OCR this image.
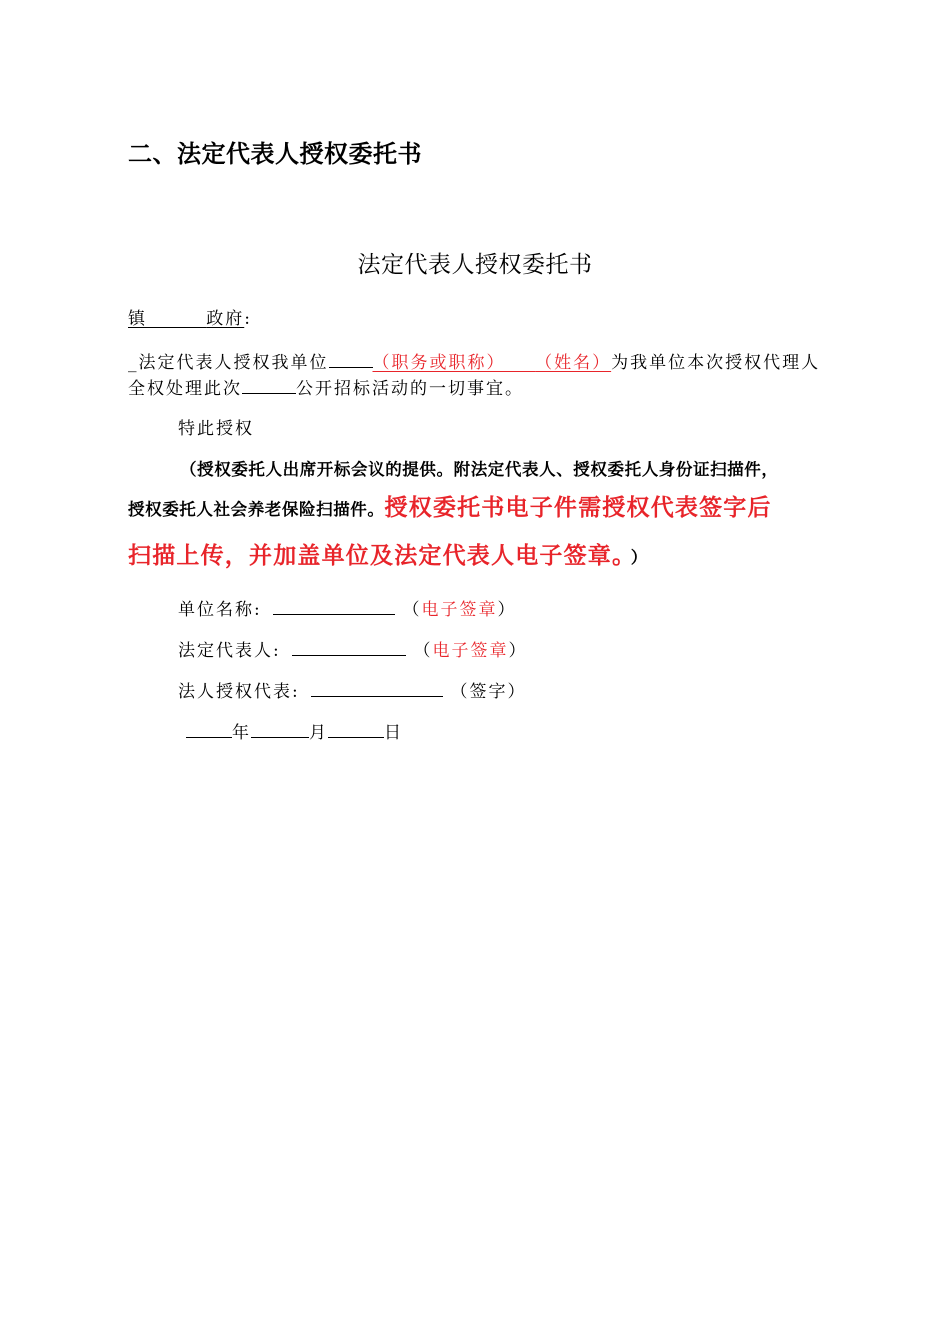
二、法定代表人授权委托书
法定代表人授权委托书
镇	政府:
_法定代表人授权我单位	（职务或职称） （姓名）为我单位本次授权代理人
全权处理此次	公开招标活动的一切事宜。
特此授权
（授权委托人出席开标会议的提供。附法定代表人、授权委托人身份证扫描件，
授权委托人社会养老保险扫描件。授权委托书电子件需授权代表签字后
扫描上传，并加盖单位及法定代表人电子签章。 ）
单位名称:	（电子签章）
法定代表人:	（电子签章）
法人授权代表:	（签字）
年	月	日
